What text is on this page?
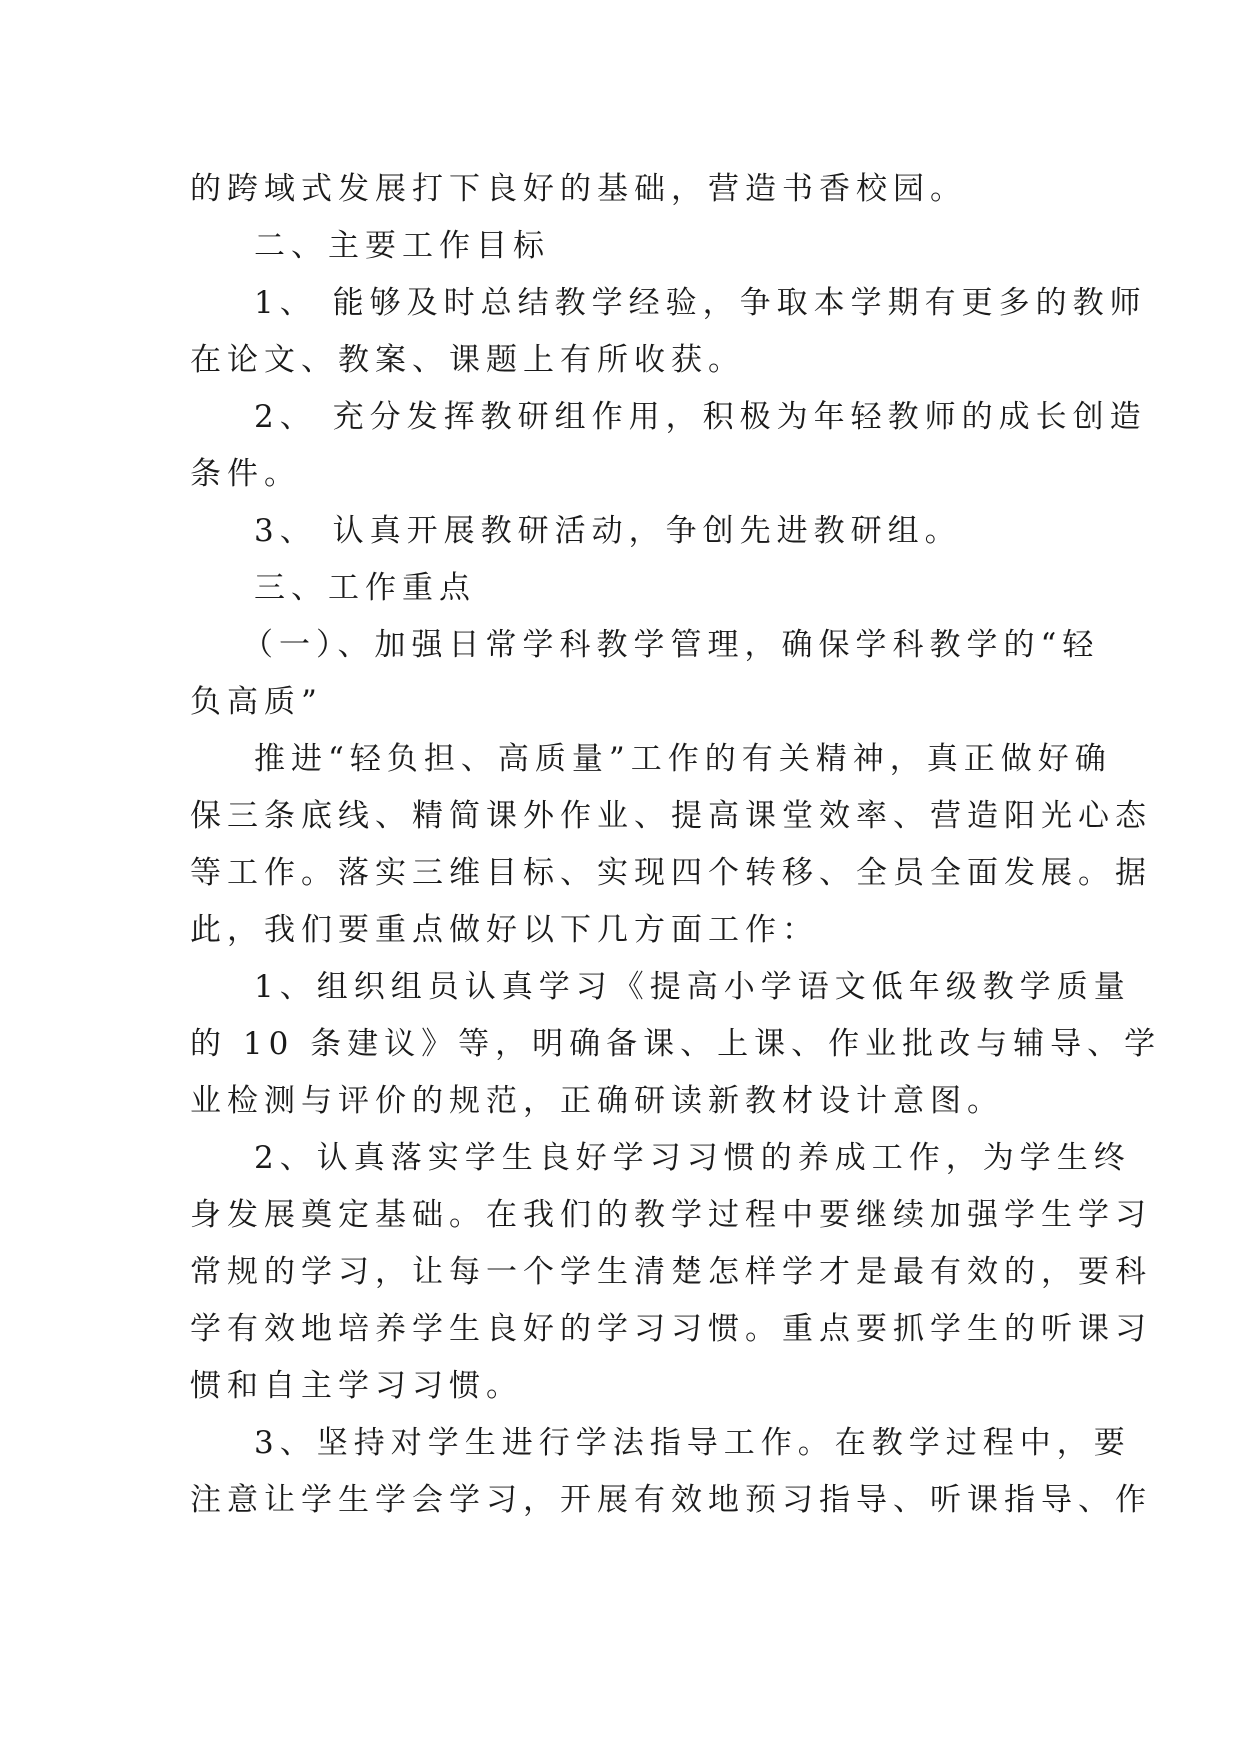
的跨域式发展打下良好的基础，营造书香校园。
二、主要工作目标
1、 能够及时总结教学经验，争取本学期有更多的教师
在论文、教案、课题上有所收获。
2、 充分发挥教研组作用，积极为年轻教师的成长创造
条件。
3、 认真开展教研活动，争创先进教研组。
三、工作重点
（一）、加强日常学科教学管理，确保学科教学的“轻
负高质”
推进“轻负担、高质量”工作的有关精神，真正做好确
保三条底线、精简课外作业、提高课堂效率、营造阳光心态
等工作。落实三维目标、实现四个转移、全员全面发展。据
此，我们要重点做好以下几方面工作：
1、组织组员认真学习《提高小学语文低年级教学质量
的 10 条建议》等，明确备课、上课、作业批改与辅导、学
业检测与评价的规范，正确研读新教材设计意图。
2、认真落实学生良好学习习惯的养成工作，为学生终
身发展奠定基础。在我们的教学过程中要继续加强学生学习
常规的学习，让每一个学生清楚怎样学才是最有效的，要科
学有效地培养学生良好的学习习惯。重点要抓学生的听课习
惯和自主学习习惯。
3、坚持对学生进行学法指导工作。在教学过程中，要
注意让学生学会学习，开展有效地预习指导、听课指导、作
